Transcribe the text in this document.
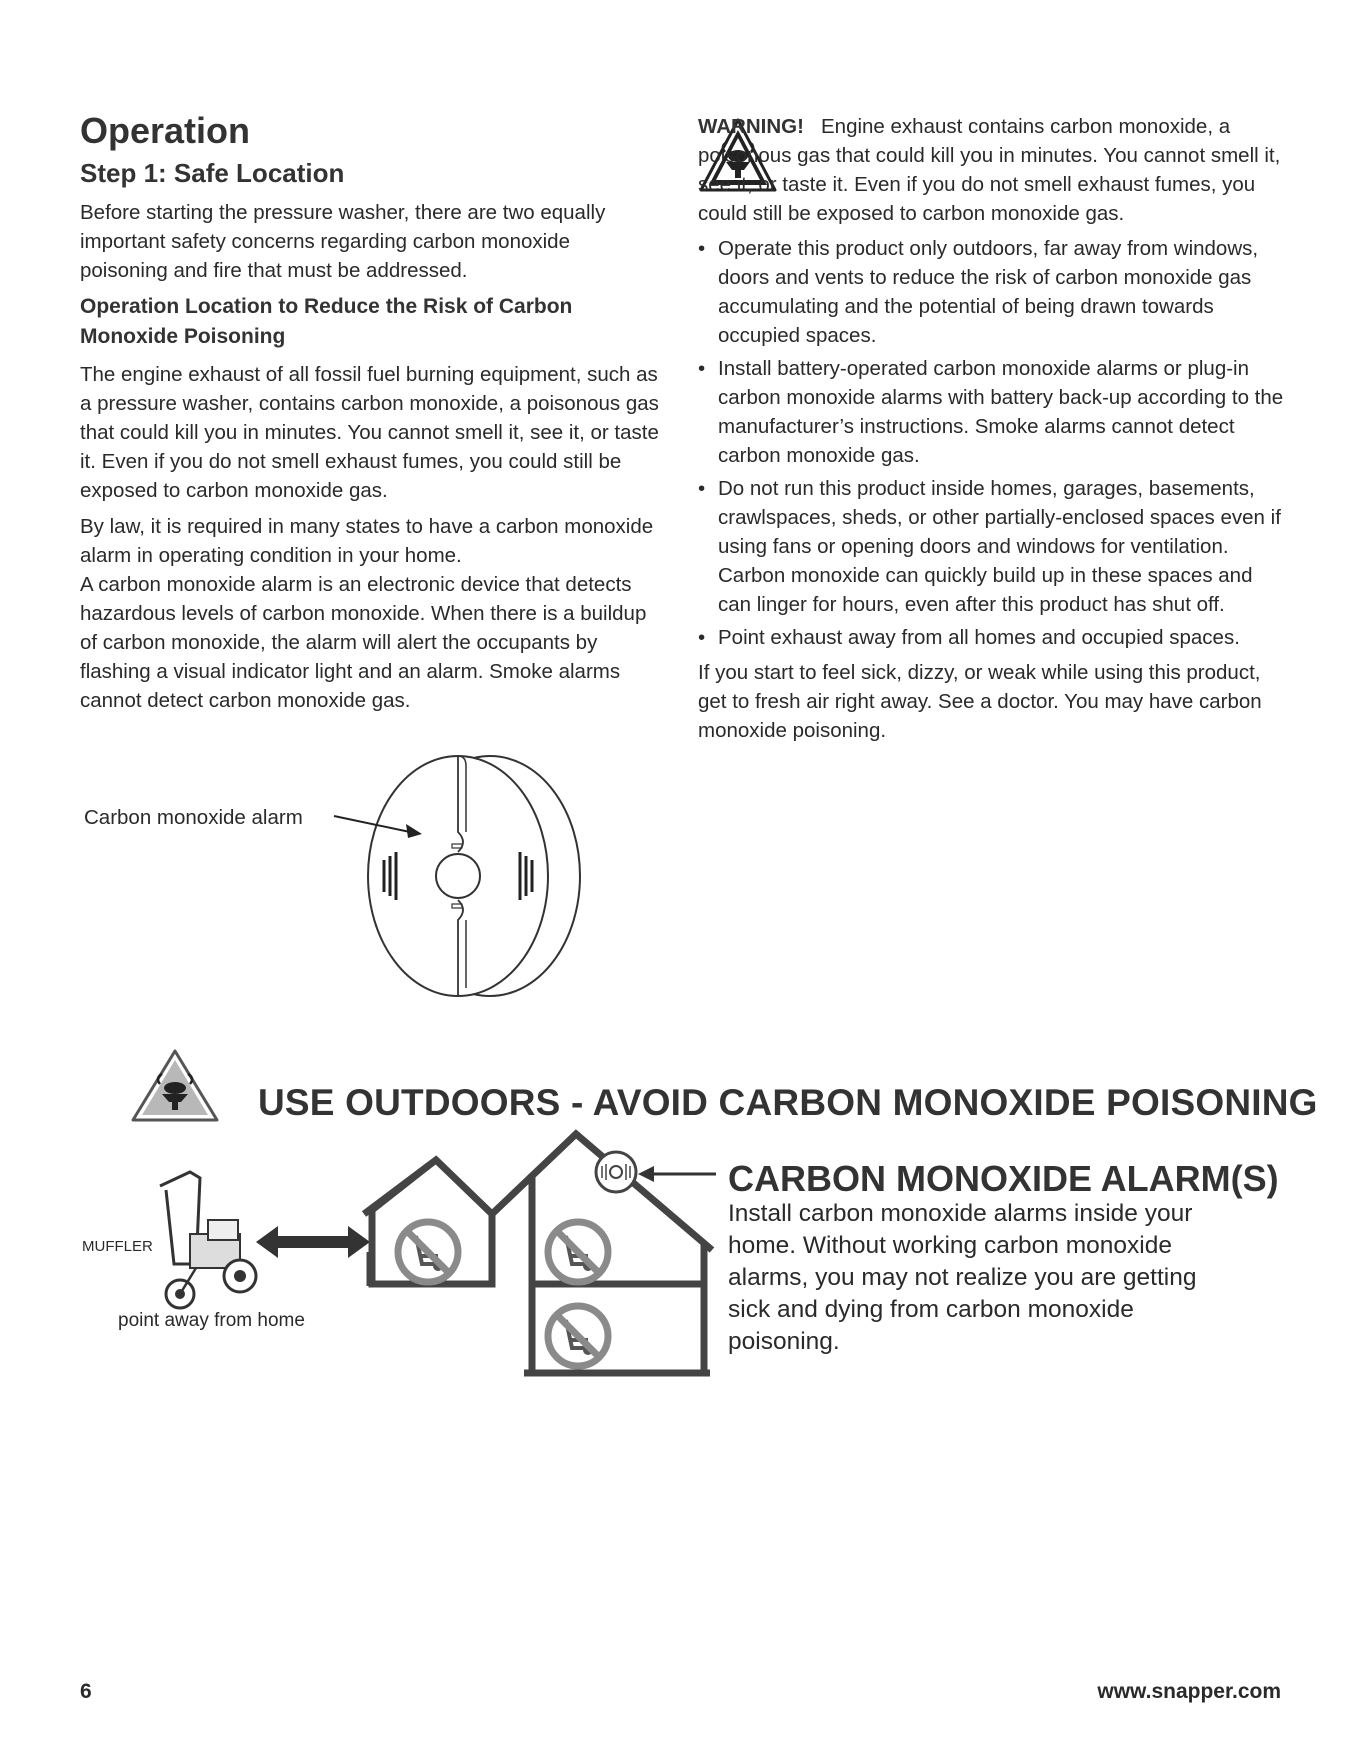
Operation
Step 1: Safe Location

Before starting the pressure washer, there are two equally important safety concerns regarding carbon monoxide poisoning and fire that must be addressed.

Operation Location to Reduce the Risk of Carbon Monoxide Poisoning

The engine exhaust of all fossil fuel burning equipment, such as a pressure washer, contains carbon monoxide, a poisonous gas that could kill you in minutes. You cannot smell it, see it, or taste it. Even if you do not smell exhaust fumes, you could still be exposed to carbon monoxide gas.

By law, it is required in many states to have a carbon monoxide alarm in operating condition in your home.

A carbon monoxide alarm is an electronic device that detects hazardous levels of carbon monoxide. When there is a buildup of carbon monoxide, the alarm will alert the occupants by flashing a visual indicator light and an alarm. Smoke alarms cannot detect carbon monoxide gas.

WARNING! Engine exhaust contains carbon monoxide, a poisonous gas that could kill you in minutes. You cannot smell it, see it, or taste it. Even if you do not smell exhaust fumes, you could still be exposed to carbon monoxide gas.

• Operate this product only outdoors, far away from windows, doors and vents to reduce the risk of carbon monoxide gas accumulating and the potential of being drawn towards occupied spaces.
• Install battery-operated carbon monoxide alarms or plug-in carbon monoxide alarms with battery back-up according to the manufacturer’s instructions. Smoke alarms cannot detect carbon monoxide gas.
• Do not run this product inside homes, garages, basements, crawlspaces, sheds, or other partially-enclosed spaces even if using fans or opening doors and windows for ventilation. Carbon monoxide can quickly build up in these spaces and can linger for hours, even after this product has shut off.
• Point exhaust away from all homes and occupied spaces.

If you start to feel sick, dizzy, or weak while using this product, get to fresh air right away. See a doctor. You may have carbon monoxide poisoning.

Carbon monoxide alarm
USE OUTDOORS - AVOID CARBON MONOXIDE POISONING
MUFFLER
point away from home
CARBON MONOXIDE ALARM(S)
Install carbon monoxide alarms inside your home. Without working carbon monoxide alarms, you may not realize you are getting sick and dying from carbon monoxide poisoning.
6	www.snapper.com
